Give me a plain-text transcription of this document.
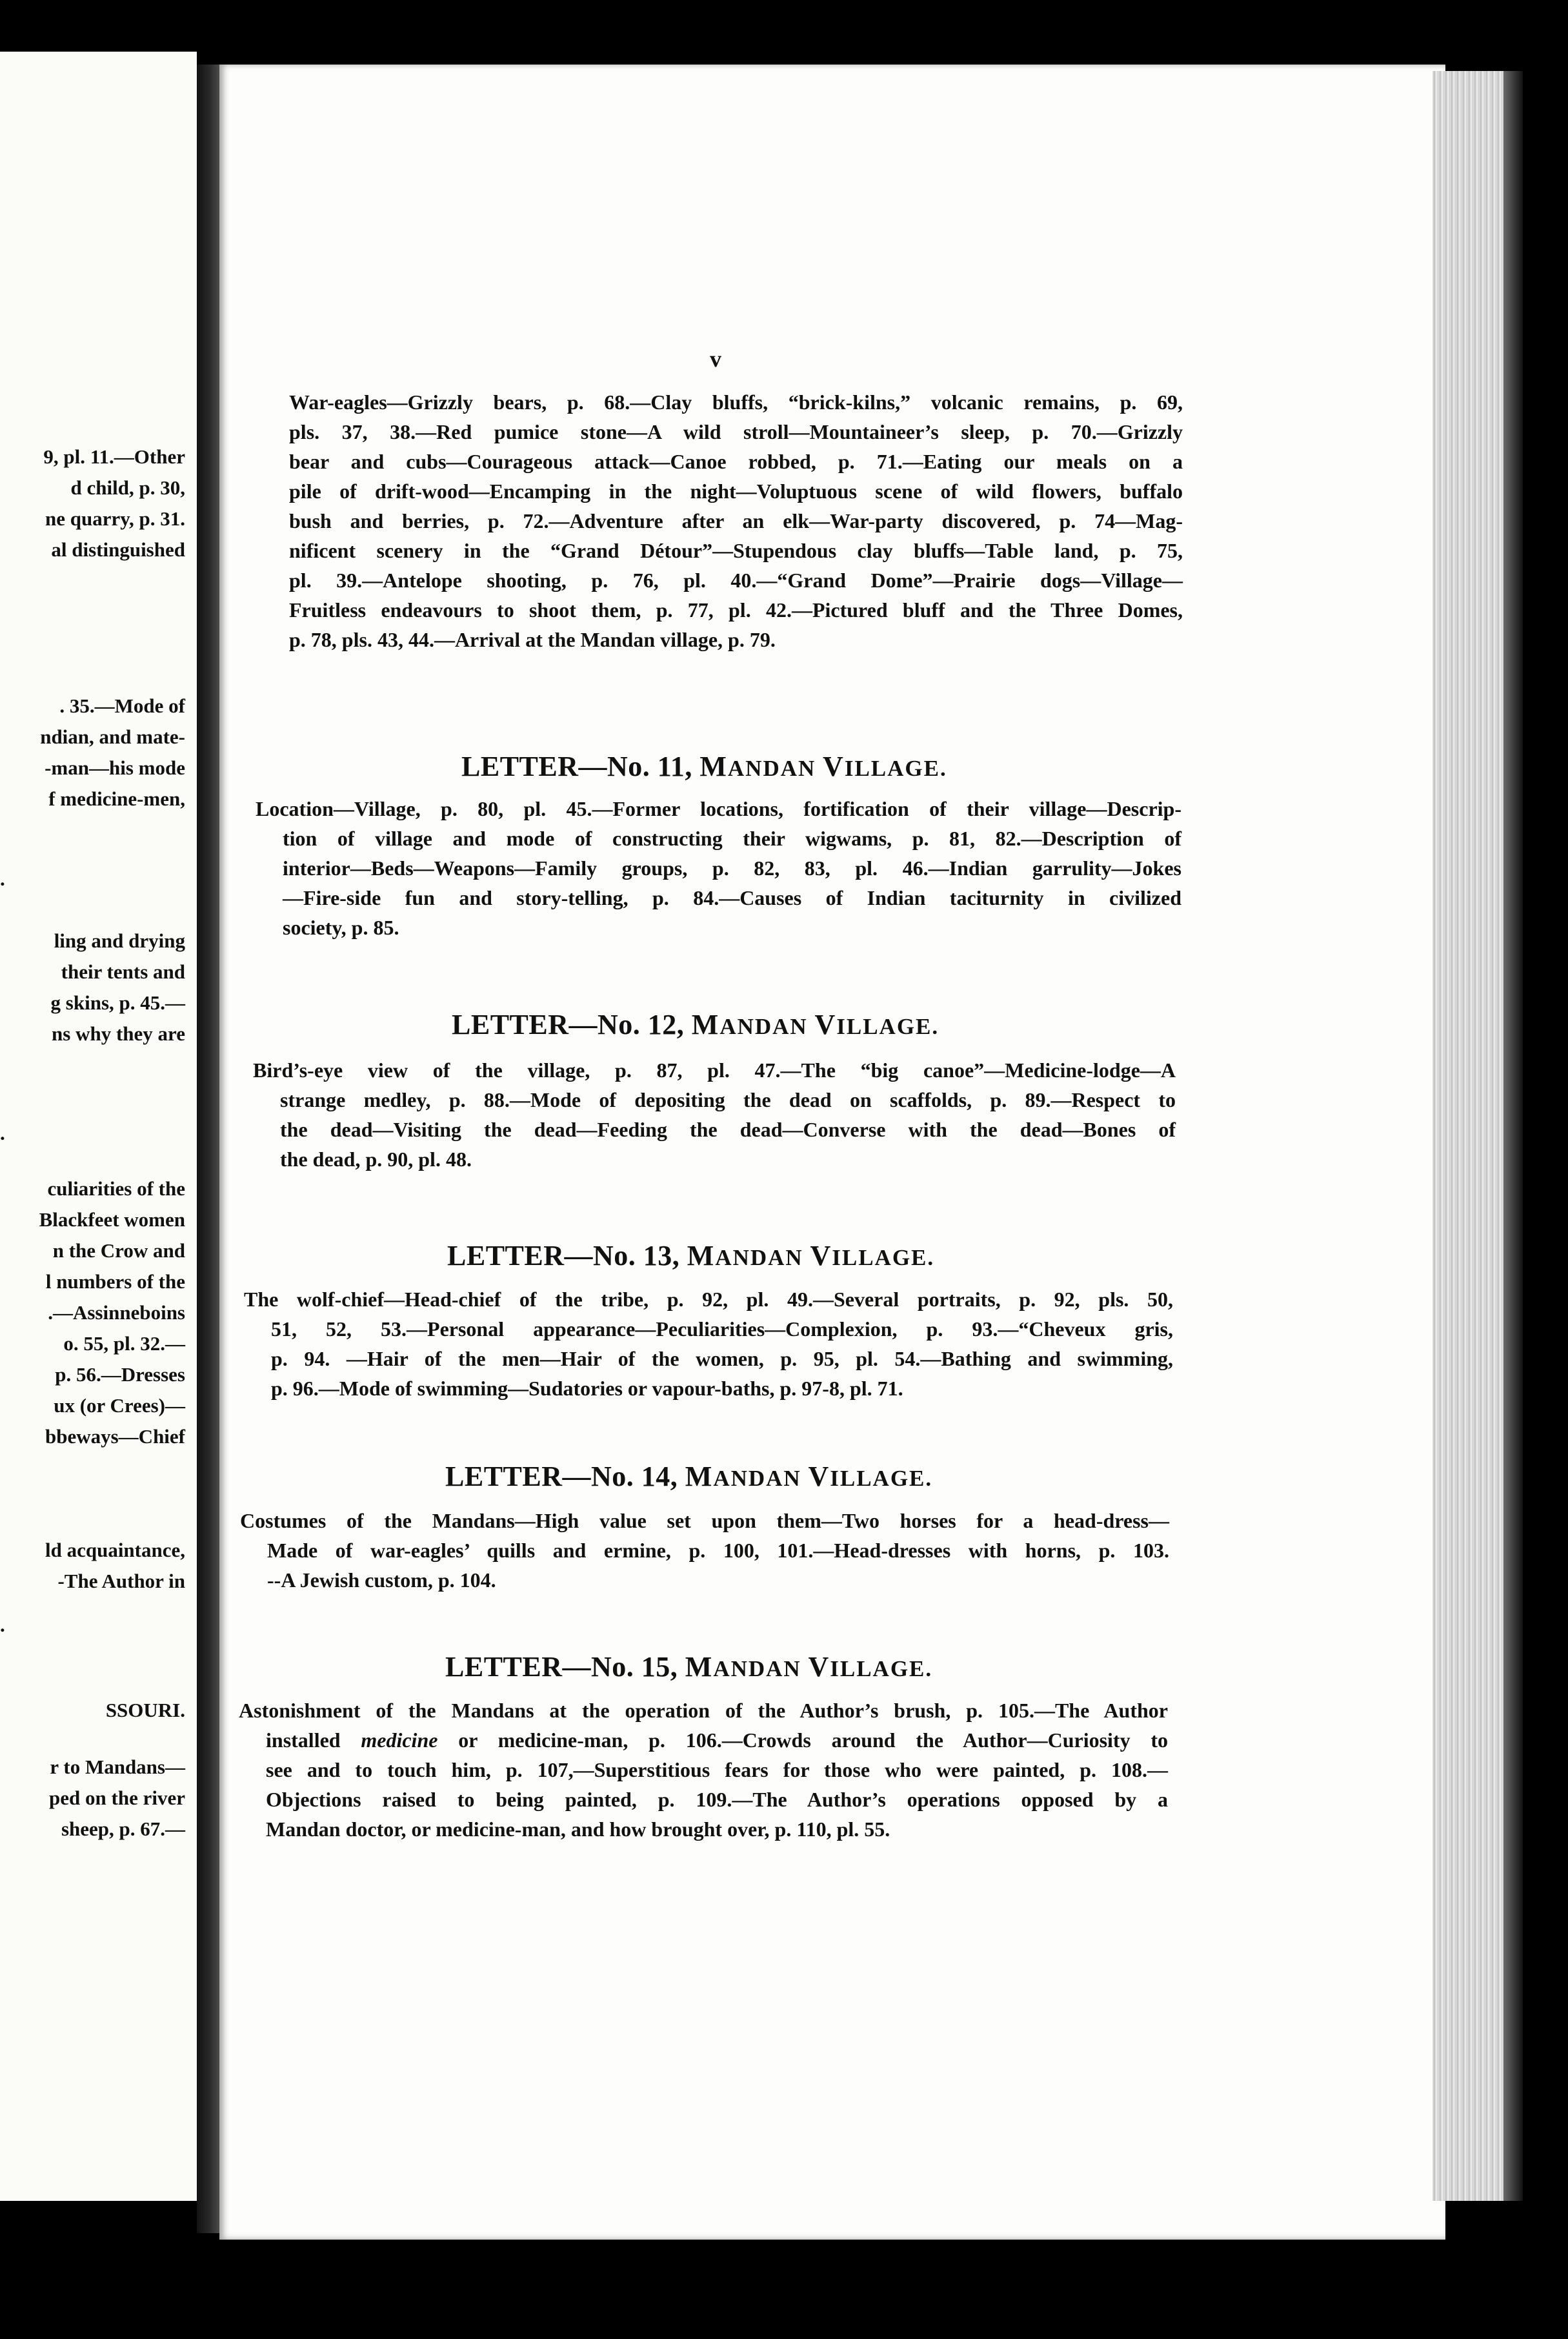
9, pl. 11.—Other
d child, p. 30,
ne quarry, p. 31.
al distinguished
. 35.—Mode of
ndian, and mate-
-man—his mode
f medicine-men,
.
ling and drying
their tents and
g skins, p. 45.—
ns why they are
.
culiarities of the
Blackfeet women
n the Crow and
l numbers of the
.—Assinneboins
o. 55, pl. 32.—
p. 56.—Dresses
ux (or Crees)—
bbeways—Chief
ld acquaintance,
-The Author in
.
SSOURI.
r to Mandans—
ped on the river
sheep, p. 67.—
v
War-eagles—Grizzly bears, p. 68.—Clay bluffs, “brick-kilns,” volcanic remains, p. 69,
pls. 37, 38.—Red pumice stone—A wild stroll—Mountaineer’s sleep, p. 70.—Grizzly
bear and cubs—Courageous attack—Canoe robbed, p. 71.—Eating our meals on a
pile of drift-wood—Encamping in the night—Voluptuous scene of wild flowers, buffalo
bush and berries, p. 72.—Adventure after an elk—War-party discovered, p. 74—Mag-
nificent scenery in the “Grand Détour”—Stupendous clay bluffs—Table land, p. 75,
pl. 39.—Antelope shooting, p. 76, pl. 40.—“Grand Dome”—Prairie dogs—Village—
Fruitless endeavours to shoot them, p. 77, pl. 42.—Pictured bluff and the Three Domes,
p. 78, pls. 43, 44.—Arrival at the Mandan village, p. 79.
LETTER—No. 11, MANDAN VILLAGE.
Location—Village, p. 80, pl. 45.—Former locations, fortification of their village—Descrip-
tion of village and mode of constructing their wigwams, p. 81, 82.—Description of
interior—Beds—Weapons—Family groups, p. 82, 83, pl. 46.—Indian garrulity—Jokes
—Fire-side fun and story-telling, p. 84.—Causes of Indian taciturnity in civilized
society, p. 85.
LETTER—No. 12, MANDAN VILLAGE.
Bird’s-eye view of the village, p. 87, pl. 47.—The “big canoe”—Medicine-lodge—A
strange medley, p. 88.—Mode of depositing the dead on scaffolds, p. 89.—Respect to
the dead—Visiting the dead—Feeding the dead—Converse with the dead—Bones of
the dead, p. 90, pl. 48.
LETTER—No. 13, MANDAN VILLAGE.
The wolf-chief—Head-chief of the tribe, p. 92, pl. 49.—Several portraits, p. 92, pls. 50,
51, 52, 53.—Personal appearance—Peculiarities—Complexion, p. 93.—“Cheveux gris,
p. 94. —Hair of the men—Hair of the women, p. 95, pl. 54.—Bathing and swimming,
p. 96.—Mode of swimming—Sudatories or vapour-baths, p. 97-8, pl. 71.
LETTER—No. 14, MANDAN VILLAGE.
Costumes of the Mandans—High value set upon them—Two horses for a head-dress—
Made of war-eagles’ quills and ermine, p. 100, 101.—Head-dresses with horns, p. 103.
--A Jewish custom, p. 104.
LETTER—No. 15, MANDAN VILLAGE.
Astonishment of the Mandans at the operation of the Author’s brush, p. 105.—The Author
installed medicine or medicine-man, p. 106.—Crowds around the Author—Curiosity to
see and to touch him, p. 107,—Superstitious fears for those who were painted, p. 108.—
Objections raised to being painted, p. 109.—The Author’s operations opposed by a
Mandan doctor, or medicine-man, and how brought over, p. 110, pl. 55.
